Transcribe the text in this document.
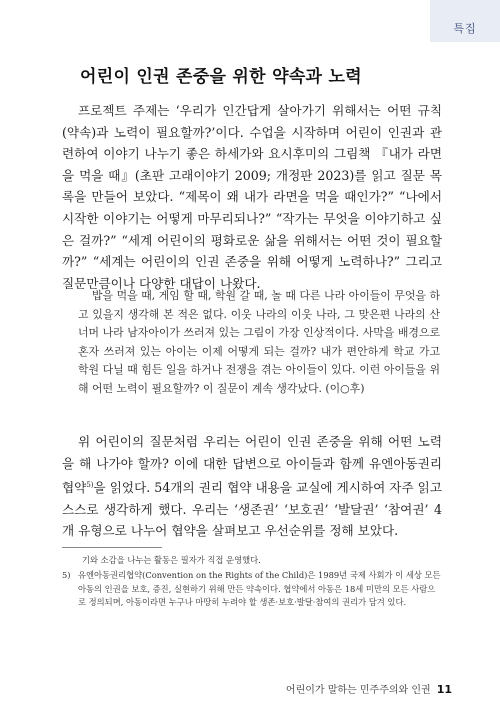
특집
어린이 인권 존중을 위한 약속과 노력

프로젝트 주제는 ‘우리가 인간답게 살아가기 위해서는 어떤 규칙(약속)과 노력이 필요할까?’이다. 수업을 시작하며 어린이 인권과 관련하여 이야기 나누기 좋은 하세가와 요시후미의 그림책 『내가 라면을 먹을 때』(초판 고래이야기 2009; 개정판 2023)를 읽고 질문 목록을 만들어 보았다. “제목이 왜 내가 라면을 먹을 때인가?” “나에서 시작한 이야기는 어떻게 마무리되나?” “작가는 무엇을 이야기하고 싶은 걸까?” “세계 어린이의 평화로운 삶을 위해서는 어떤 것이 필요할까?” “세계는 어린이의 인권 존중을 위해 어떻게 노력하나?” 그리고 질문만큼이나 다양한 대답이 나왔다.

밥을 먹을 때, 게임 할 때, 학원 갈 때, 놀 때 다른 나라 아이들이 무엇을 하고 있을지 생각해 본 적은 없다. 이웃 나라의 이웃 나라, 그 맞은편 나라의 산 너머 나라 남자아이가 쓰러져 있는 그림이 가장 인상적이다. 사막을 배경으로 혼자 쓰러져 있는 아이는 이제 어떻게 되는 걸까? 내가 편안하게 학교 가고 학원 다닐 때 힘든 일을 하거나 전쟁을 겪는 아이들이 있다. 이런 아이들을 위해 어떤 노력이 필요할까? 이 질문이 계속 생각났다. (이○후)

위 어린이의 질문처럼 우리는 어린이 인권 존중을 위해 어떤 노력을 해 나가야 할까? 이에 대한 답변으로 아이들과 함께 유엔아동권리협약$^{5)}$을 읽었다. 54개의 권리 협약 내용을 교실에 게시하여 자주 읽고 스스로 생각하게 했다. 우리는 ‘생존권’ ‘보호권’ ‘발달권’ ‘참여권’ 4개 유형으로 나누어 협약을 살펴보고 우선순위를 정해 보았다.

기와 소감을 나누는 활동은 필자가 직접 운영했다.

5) 유엔아동권리협약(Convention on the Rights of the Child)은 1989년 국제 사회가 이 세상 모든 아동의 인권을 보호, 증진, 실현하기 위해 만든 약속이다. 협약에서 아동은 18세 미만의 모든 사람으로 정의되며, 아동이라면 누구나 마땅히 누려야 할 생존·보호·발달·참여의 권리가 담겨 있다.

어린이가 말하는 민주주의와 인권 11
